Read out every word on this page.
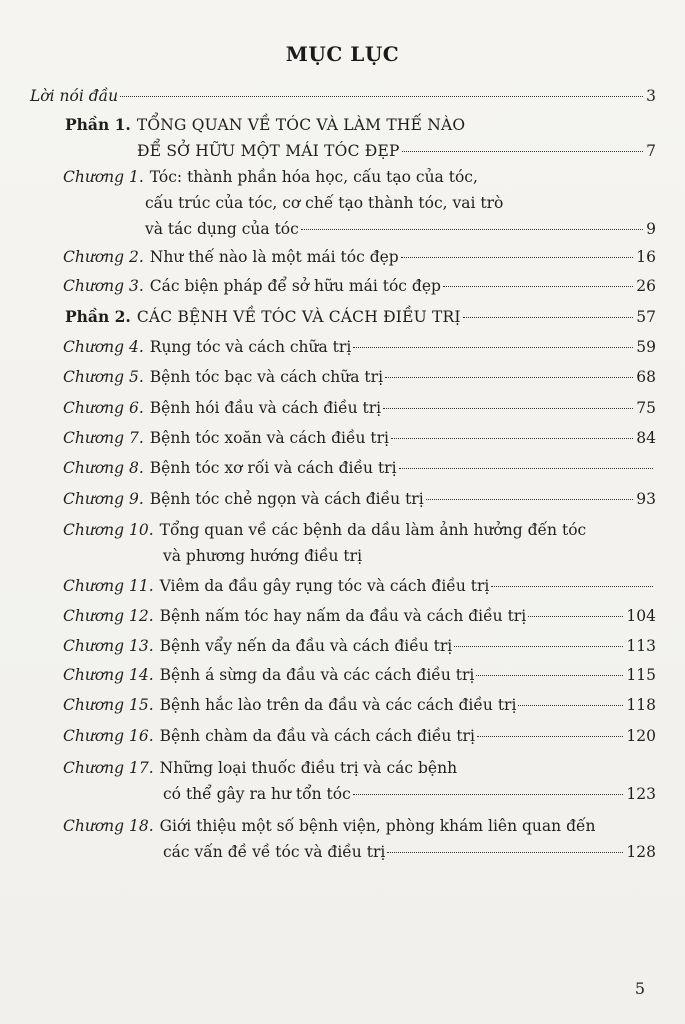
MỤC LỤC
Lời nói đầu	3
Phần 1. TỔNG QUAN VỀ TÓC VÀ LÀM THẾ NÀO
ĐỂ SỞ HỮU MỘT MÁI TÓC ĐẸP	7
Chương 1. Tóc: thành phần hóa học, cấu tạo của tóc,
cấu trúc của tóc, cơ chế tạo thành tóc, vai trò
và tác dụng của tóc	9
Chương 2. Như thế nào là một mái tóc đẹp	16
Chương 3. Các biện pháp để sở hữu mái tóc đẹp	26
Phần 2. CÁC BỆNH VỀ TÓC VÀ CÁCH ĐIỀU TRỊ	57
Chương 4. Rụng tóc và cách chữa trị	59
Chương 5. Bệnh tóc bạc và cách chữa trị	68
Chương 6. Bệnh hói đầu và cách điều trị	75
Chương 7. Bệnh tóc xoăn và cách điều trị	84
Chương 8. Bệnh tóc xơ rối và cách điều trị
Chương 9. Bệnh tóc chẻ ngọn và cách điều trị	93
Chương 10. Tổng quan về các bệnh da dầu làm ảnh hưởng đến tóc
và phương hướng điều trị
Chương 11. Viêm da đầu gây rụng tóc và cách điều trị
Chương 12. Bệnh nấm tóc hay nấm da đầu và cách điều trị	104
Chương 13. Bệnh vẩy nến da đầu và cách điều trị	113
Chương 14. Bệnh á sừng da đầu và các cách điều trị	115
Chương 15. Bệnh hắc lào trên da đầu và các cách điều trị	118
Chương 16. Bệnh chàm da đầu và cách cách điều trị	120
Chương 17. Những loại thuốc điều trị và các bệnh
có thể gây ra hư tổn tóc	123
Chương 18. Giới thiệu một số bệnh viện, phòng khám liên quan đến
các vấn đề về tóc và điều trị	128
5
